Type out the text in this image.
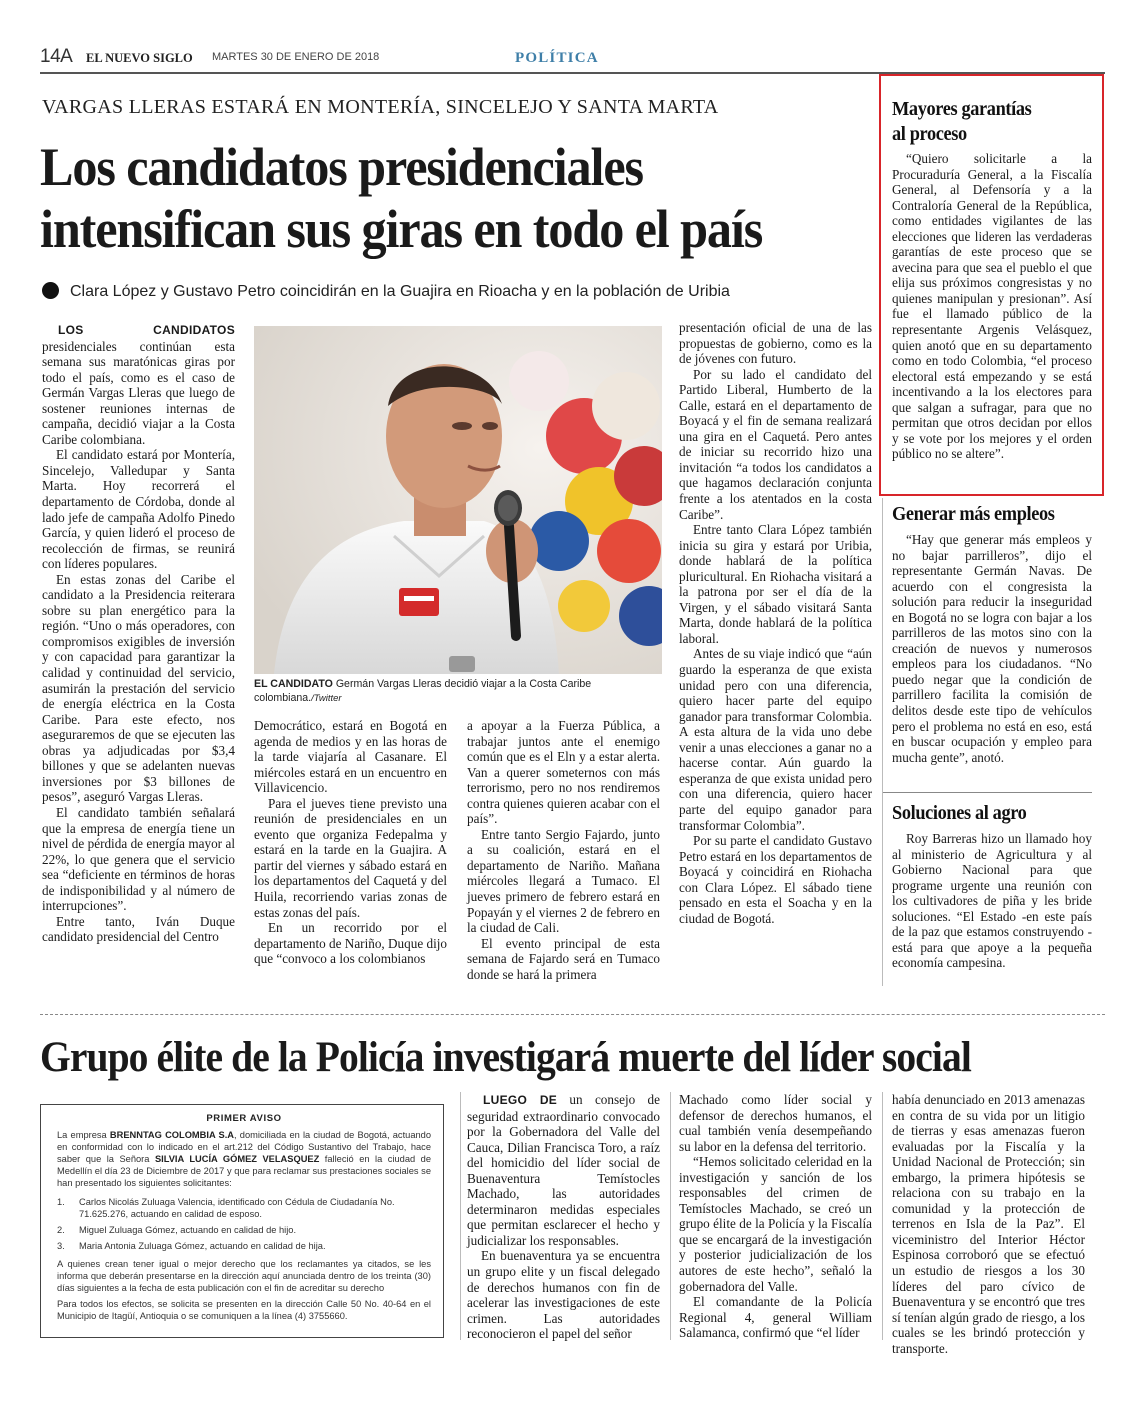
14A EL NUEVO SIGLO MARTES 30 DE ENERO DE 2018	POLÍTICA
VARGAS LLERAS ESTARÁ EN MONTERÍA, SINCELEJO Y SANTA MARTA
Los candidatos presidenciales
intensifican sus giras en todo el país
Clara López y Gustavo Petro coincidirán en la Guajira en Rioacha y en la población de Uribia

LOS CANDIDATOS presidenciales continúan esta semana sus maratónicas giras por todo el país, como es el caso de Germán Vargas Lleras que luego de sostener reuniones internas de campaña, decidió viajar a la Costa Caribe colombiana.

El candidato estará por Montería, Sincelejo, Valledupar y Santa Marta. Hoy recorrerá el departamento de Córdoba, donde al lado jefe de campaña Adolfo Pinedo García, y quien lideró el proceso de recolección de firmas, se reunirá con líderes populares.

En estas zonas del Caribe el candidato a la Presidencia reiterara sobre su plan energético para la región. “Uno o más operadores, con compromisos exigibles de inversión y con capacidad para garantizar la calidad y continuidad del servicio, asumirán la prestación del servicio de energía eléctrica en la Costa Caribe. Para este efecto, nos aseguraremos de que se ejecuten las obras ya adjudicadas por $3,4 billones y que se adelanten nuevas inversiones por $3 billones de pesos”, aseguró Vargas Lleras.

El candidato también señalará que la empresa de energía tiene un nivel de pérdida de energía mayor al 22%, lo que genera que el servicio sea “deficiente en términos de horas de indisponibilidad y al número de interrupciones”.

Entre tanto, Iván Duque candidato presidencial del Centro

EL CANDIDATO Germán Vargas Lleras decidió viajar a la Costa Caribe colombiana./Twitter

Democrático, estará en Bogotá en agenda de medios y en las horas de la tarde viajaría al Casanare. El miércoles estará en un encuentro en Villavicencio.

Para el jueves tiene previsto una reunión de presidenciales en un evento que organiza Fedepalma y estará en la tarde en la Guajira. A partir del viernes y sábado estará en los departamentos del Caquetá y del Huila, recorriendo varias zonas de estas zonas del país.

En un recorrido por el departamento de Nariño, Duque dijo que “convoco a los colombianos

a apoyar a la Fuerza Pública, a trabajar juntos ante el enemigo común que es el Eln y a estar alerta. Van a querer someternos con más terrorismo, pero no nos rendiremos contra quienes quieren acabar con el país”.

Entre tanto Sergio Fajardo, junto a su coalición, estará en el departamento de Nariño. Mañana miércoles llegará a Tumaco. El jueves primero de febrero estará en Popayán y el viernes 2 de febrero en la ciudad de Cali.

El evento principal de esta semana de Fajardo será en Tumaco donde se hará la primera

presentación oficial de una de las propuestas de gobierno, como es la de jóvenes con futuro.

Por su lado el candidato del Partido Liberal, Humberto de la Calle, estará en el departamento de Boyacá y el fin de semana realizará una gira en el Caquetá. Pero antes de iniciar su recorrido hizo una invitación “a todos los candidatos a que hagamos declaración conjunta frente a los atentados en la costa Caribe”.

Entre tanto Clara López también inicia su gira y estará por Uribia, donde hablará de la política pluricultural. En Riohacha visitará a la patrona por ser el día de la Virgen, y el sábado visitará Santa Marta, donde hablará de la política laboral.

Antes de su viaje indicó que “aún guardo la esperanza de que exista unidad pero con una diferencia, quiero hacer parte del equipo ganador para transformar Colombia. A esta altura de la vida uno debe venir a unas elecciones a ganar no a hacerse contar. Aún guardo la esperanza de que exista unidad pero con una diferencia, quiero hacer parte del equipo ganador para transformar Colombia”.

Por su parte el candidato Gustavo Petro estará en los departamentos de Boyacá y coincidirá en Riohacha con Clara López. El sábado tiene pensado en esta el Soacha y en la ciudad de Bogotá.

Mayores garantías
al proceso

“Quiero solicitarle a la Procuraduría General, a la Fiscalía General, al Defensoría y a la Contraloría General de la República, como entidades vigilantes de las elecciones que lideren las verdaderas garantías de este proceso que se avecina para que sea el pueblo el que elija sus próximos congresistas y no quienes manipulan y presionan”. Así fue el llamado público de la representante Argenis Velásquez, quien anotó que en su departamento como en todo Colombia, “el proceso electoral está empezando y se está incentivando a la los electores para que salgan a sufragar, para que no permitan que otros decidan por ellos y se vote por los mejores y el orden público no se altere”.

Generar más empleos

“Hay que generar más empleos y no bajar parrilleros”, dijo el representante Germán Navas. De acuerdo con el congresista la solución para reducir la inseguridad en Bogotá no se logra con bajar a los parrilleros de las motos sino con la creación de nuevos y numerosos empleos para los ciudadanos. “No puedo negar que la condición de parrillero facilita la comisión de delitos desde este tipo de vehículos pero el problema no está en eso, está en buscar ocupación y empleo para mucha gente”, anotó.

Soluciones al agro

Roy Barreras hizo un llamado hoy al ministerio de Agricultura y al Gobierno Nacional para que programe urgente una reunión con los cultivadores de piña y les bride soluciones. “El Estado -en este país de la paz que estamos construyendo -está para que apoye a la pequeña economía campesina.

Grupo élite de la Policía investigará muerte del líder social
PRIMER AVISO

La empresa BRENNTAG COLOMBIA S.A, domiciliada en la ciudad de Bogotá, actuando en conformidad con lo indicado en el art.212 del Código Sustantivo del Trabajo, hace saber que la Señora SILVIA LUCÍA GÓMEZ VELASQUEZ falleció en la ciudad de Medellín el día 23 de Diciembre de 2017 y que para reclamar sus prestaciones sociales se han presentado los siguientes solicitantes:

1.	Carlos Nicolás Zuluaga Valencia, identificado con Cédula de Ciudadanía No. 71.625.276, actuando en calidad de esposo.
2.	Miguel Zuluaga Gómez, actuando en calidad de hijo.
3.	Maria Antonia Zuluaga Gómez, actuando en calidad de hija.

A quienes crean tener igual o mejor derecho que los reclamantes ya citados, se les informa que deberán presentarse en la dirección aquí anunciada dentro de los treinta (30) días siguientes a la fecha de esta publicación con el fin de acreditar su derecho

Para todos los efectos, se solicita se presenten en la dirección Calle 50 No. 40-64 en el Municipio de Itagüí, Antioquia o se comuniquen a la línea (4) 3755660.

LUEGO DE un consejo de seguridad extraordinario convocado por la Gobernadora del Valle del Cauca, Dilian Francisca Toro, a raíz del homicidio del líder social de Buenaventura Temístocles Machado, las autoridades determinaron medidas especiales que permitan esclarecer el hecho y judicializar los responsables.

En buenaventura ya se encuentra un grupo elite y un fiscal delegado de derechos humanos con fin de acelerar las investigaciones de este crimen. Las autoridades reconocieron el papel del señor

Machado como líder social y defensor de derechos humanos, el cual también venía desempeñando su labor en la defensa del territorio.

“Hemos solicitado celeridad en la investigación y sanción de los responsables del crimen de Temístocles Machado, se creó un grupo élite de la Policía y la Fiscalía que se encargará de la investigación y posterior judicialización de los autores de este hecho”, señaló la gobernadora del Valle.

El comandante de la Policía Regional 4, general William Salamanca, confirmó que “el líder

había denunciado en 2013 amenazas en contra de su vida por un litigio de tierras y esas amenazas fueron evaluadas por la Fiscalía y la Unidad Nacional de Protección; sin embargo, la primera hipótesis se relaciona con su trabajo en la comunidad y la protección de terrenos en Isla de la Paz”. El viceministro del Interior Héctor Espinosa corroboró que se efectuó un estudio de riesgos a los 30 líderes del paro cívico de Buenaventura y se encontró que tres sí tenían algún grado de riesgo, a los cuales se les brindó protección y transporte.
